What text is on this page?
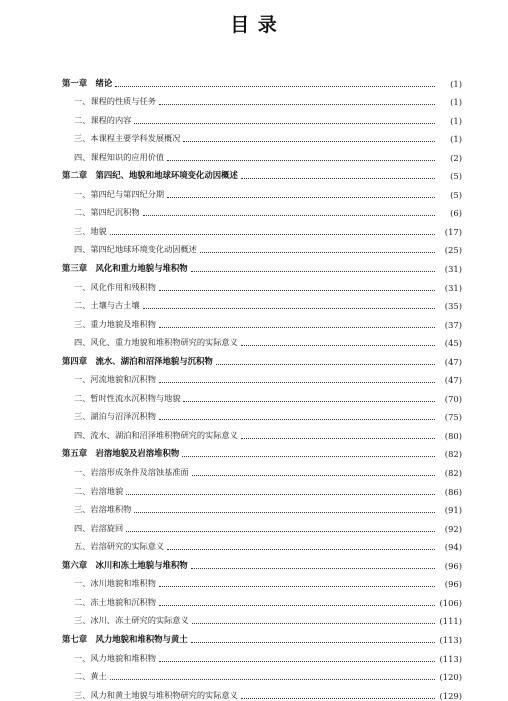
目 录
第一章　绪论	(1)
一、课程的性质与任务	(1)
二、课程的内容	(1)
三、本课程主要学科发展概况	(1)
四、课程知识的应用价值	(2)
第二章　第四纪、地貌和地球环境变化动因概述	(5)
一、第四纪与第四纪分期	(5)
二、第四纪沉积物	(6)
三、地貌	(17)
四、第四纪地球环境变化动因概述	(25)
第三章　风化和重力地貌与堆积物	(31)
一、风化作用和残积物	(31)
二、土壤与古土壤	(35)
三、重力地貌及堆积物	(37)
四、风化、重力地貌和堆积物研究的实际意义	(45)
第四章　流水、湖泊和沼泽地貌与沉积物	(47)
一、河流地貌和沉积物	(47)
二、暂时性流水沉积物与地貌	(70)
三、湖泊与沼泽沉积物	(75)
四、流水、湖泊和沼泽堆积物研究的实际意义	(80)
第五章　岩溶地貌及岩溶堆积物	(82)
一、岩溶形成条件及溶蚀基准面	(82)
二、岩溶地貌	(86)
三、岩溶堆积物	(91)
四、岩溶旋回	(92)
五、岩溶研究的实际意义	(94)
第六章　冰川和冻土地貌与堆积物	(96)
一、冰川地貌和堆积物	(96)
二、冻土地貌和沉积物	(106)
三、冰川、冻土研究的实际意义	(111)
第七章　风力地貌和堆积物与黄土	(113)
一、风力地貌和堆积物	(113)
二、黄土	(120)
三、风力和黄土地貌与堆积物研究的实际意义	(129)
